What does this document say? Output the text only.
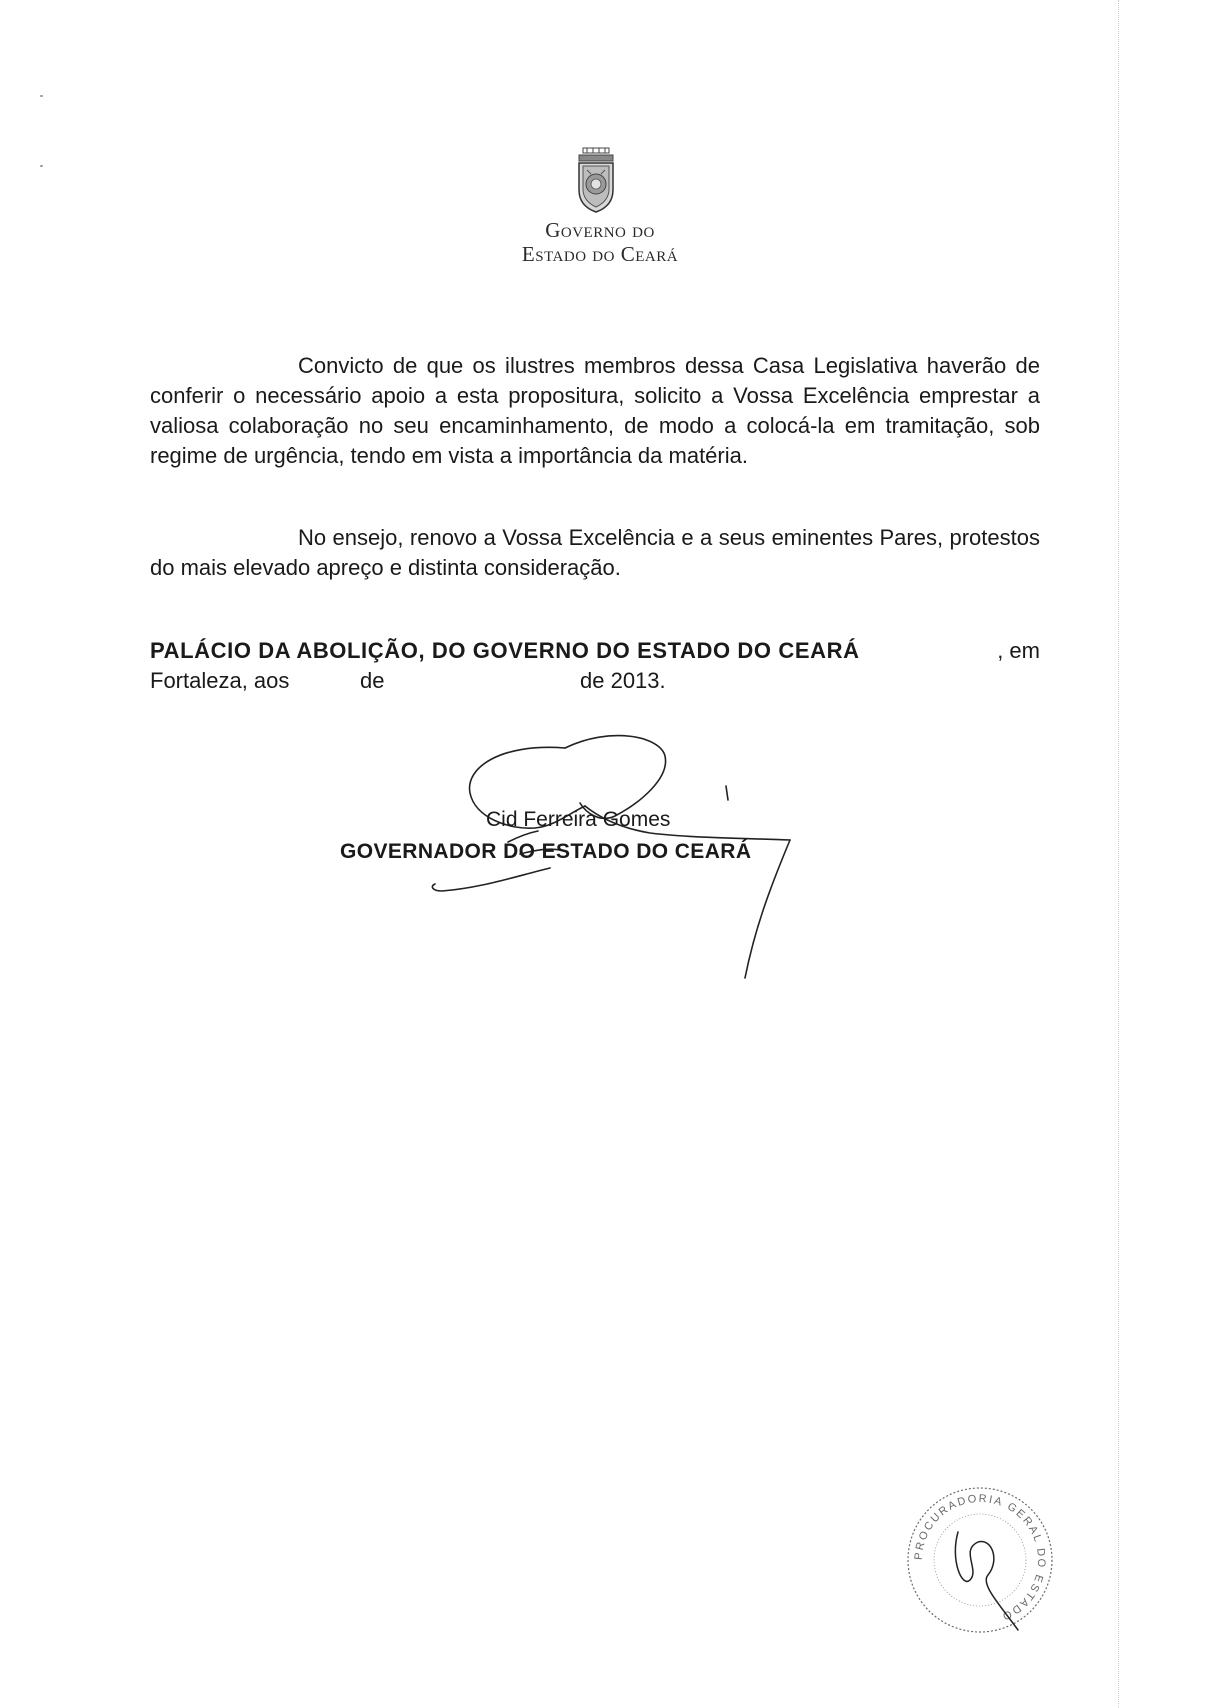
Governo do
Estado do Ceará

Convicto de que os ilustres membros dessa Casa Legislativa haverão de conferir o necessário apoio a esta propositura, solicito a Vossa Excelência emprestar a valiosa colaboração no seu encaminhamento, de modo a colocá-la em tramitação, sob regime de urgência, tendo em vista a importância da matéria.

No ensejo, renovo a Vossa Excelência e a seus eminentes Pares, protestos do mais elevado apreço e distinta consideração.

PALÁCIO DA ABOLIÇÃO, DO GOVERNO DO ESTADO DO CEARÁ	, em
Fortaleza, aos	de	de 2013.
Cid Ferreira Gomes
GOVERNADOR DO ESTADO DO CEARÁ
PROCURADORIA GERAL DO ESTADO
